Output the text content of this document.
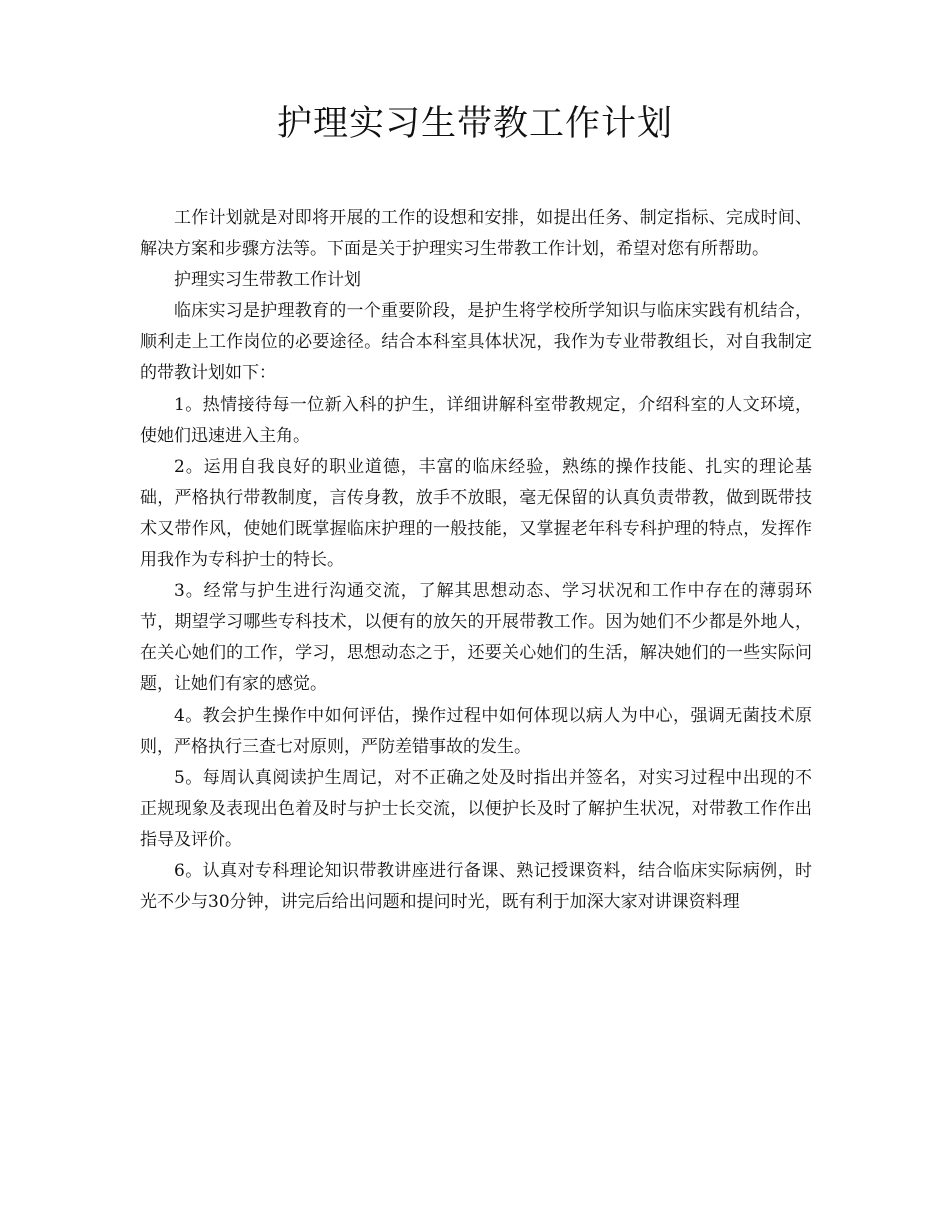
护理实习生带教工作计划

工作计划就是对即将开展的工作的设想和安排，如提出任务、制定指标、完成时间、解决方案和步骤方法等。下面是关于护理实习生带教工作计划，希望对您有所帮助。

护理实习生带教工作计划

临床实习是护理教育的一个重要阶段，是护生将学校所学知识与临床实践有机结合，顺利走上工作岗位的必要途径。结合本科室具体状况，我作为专业带教组长，对自我制定的带教计划如下：

1。热情接待每一位新入科的护生，详细讲解科室带教规定，介绍科室的人文环境，使她们迅速进入主角。

2。运用自我良好的职业道德，丰富的临床经验，熟练的操作技能、扎实的理论基础，严格执行带教制度，言传身教，放手不放眼，毫无保留的认真负责带教，做到既带技术又带作风，使她们既掌握临床护理的一般技能，又掌握老年科专科护理的特点，发挥作用我作为专科护士的特长。

3。经常与护生进行沟通交流，了解其思想动态、学习状况和工作中存在的薄弱环节，期望学习哪些专科技术，以便有的放矢的开展带教工作。因为她们不少都是外地人，在关心她们的工作，学习，思想动态之于，还要关心她们的生活，解决她们的一些实际问题，让她们有家的感觉。

4。教会护生操作中如何评估，操作过程中如何体现以病人为中心，强调无菌技术原则，严格执行三查七对原则，严防差错事故的发生。

5。每周认真阅读护生周记，对不正确之处及时指出并签名，对实习过程中出现的不正规现象及表现出色着及时与护士长交流，以便护长及时了解护生状况，对带教工作作出指导及评价。

6。认真对专科理论知识带教讲座进行备课、熟记授课资料，结合临床实际病例，时光不少与30分钟，讲完后给出问题和提问时光，既有利于加深大家对讲课资料理
